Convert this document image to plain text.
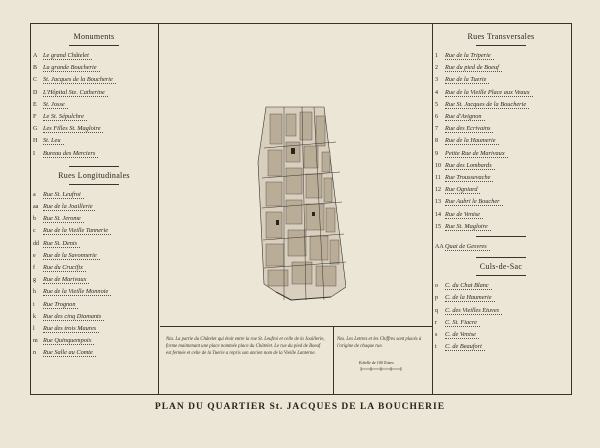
Monuments
A Le grand Châtelet
B La grande Boucherie
C St. Jacques de la Boucherie
D L'Hôpital Ste. Catherine
E St. Josse
F Le St. Sépulchre
G Les Filles St. Magloire
H St. Leu
I Bureau des Merciers
Rues Longitudinales
a Rue St. Leufroi
aa Rue de la Joaillerie
b Rue St. Jerome
c Rue de la Vieille Tannerie
dd Rue St. Denis
e Rue de la Savonnerie
f Rue du Crucifix
g Rue de Marivaux
h Rue de la Vieille Monnoie
i Rue Trognon
k Rue des cinq Diamants
l Rue des trois Maures
m Rue Quinquempoix
n Rue Salle au Comte
Rues Transversales
1 Rue de la Triperie
2 Rue du pied de Boeuf
3 Rue de la Tuerie
4 Rue de la Vieille Place aux Veaux
5 Rue St. Jacques de la Boucherie
6 Rue d'Avignon
7 Rue des Ecrivains
8 Rue de la Haumerie
9 Petite Rue de Marivaux
10 Rue des Lombards
11 Rue Troussevache
12 Rue Ogniard
13 Rue Aubri le Boucher
14 Rue de Venise
15 Rue St. Magloire
AAQuai de Gesvres
Culs-de-Sac
o C. du Chat Blanc
p C. de la Haumerie
q C. des Vieilles Etuves
r C. St. Fiacre
s C. de Venise
t C. de Beaufort
Nta. La partie du Châtelet qui étoit entre la rue St. Leufroi et celle de la Joaillerie, forme maintenant une place nommée place du Châtelet. Le rue du pied de Boeuf est fermée et celle de la Tuerie a repris son ancien nom de la Vieille Lanterne.
Nta. Les Lettres et les Chiffres sont placés à l'origine de chaque rue.
Echelle de 100 Toises
PLAN DU QUARTIER St. JACQUES DE LA BOUCHERIE
